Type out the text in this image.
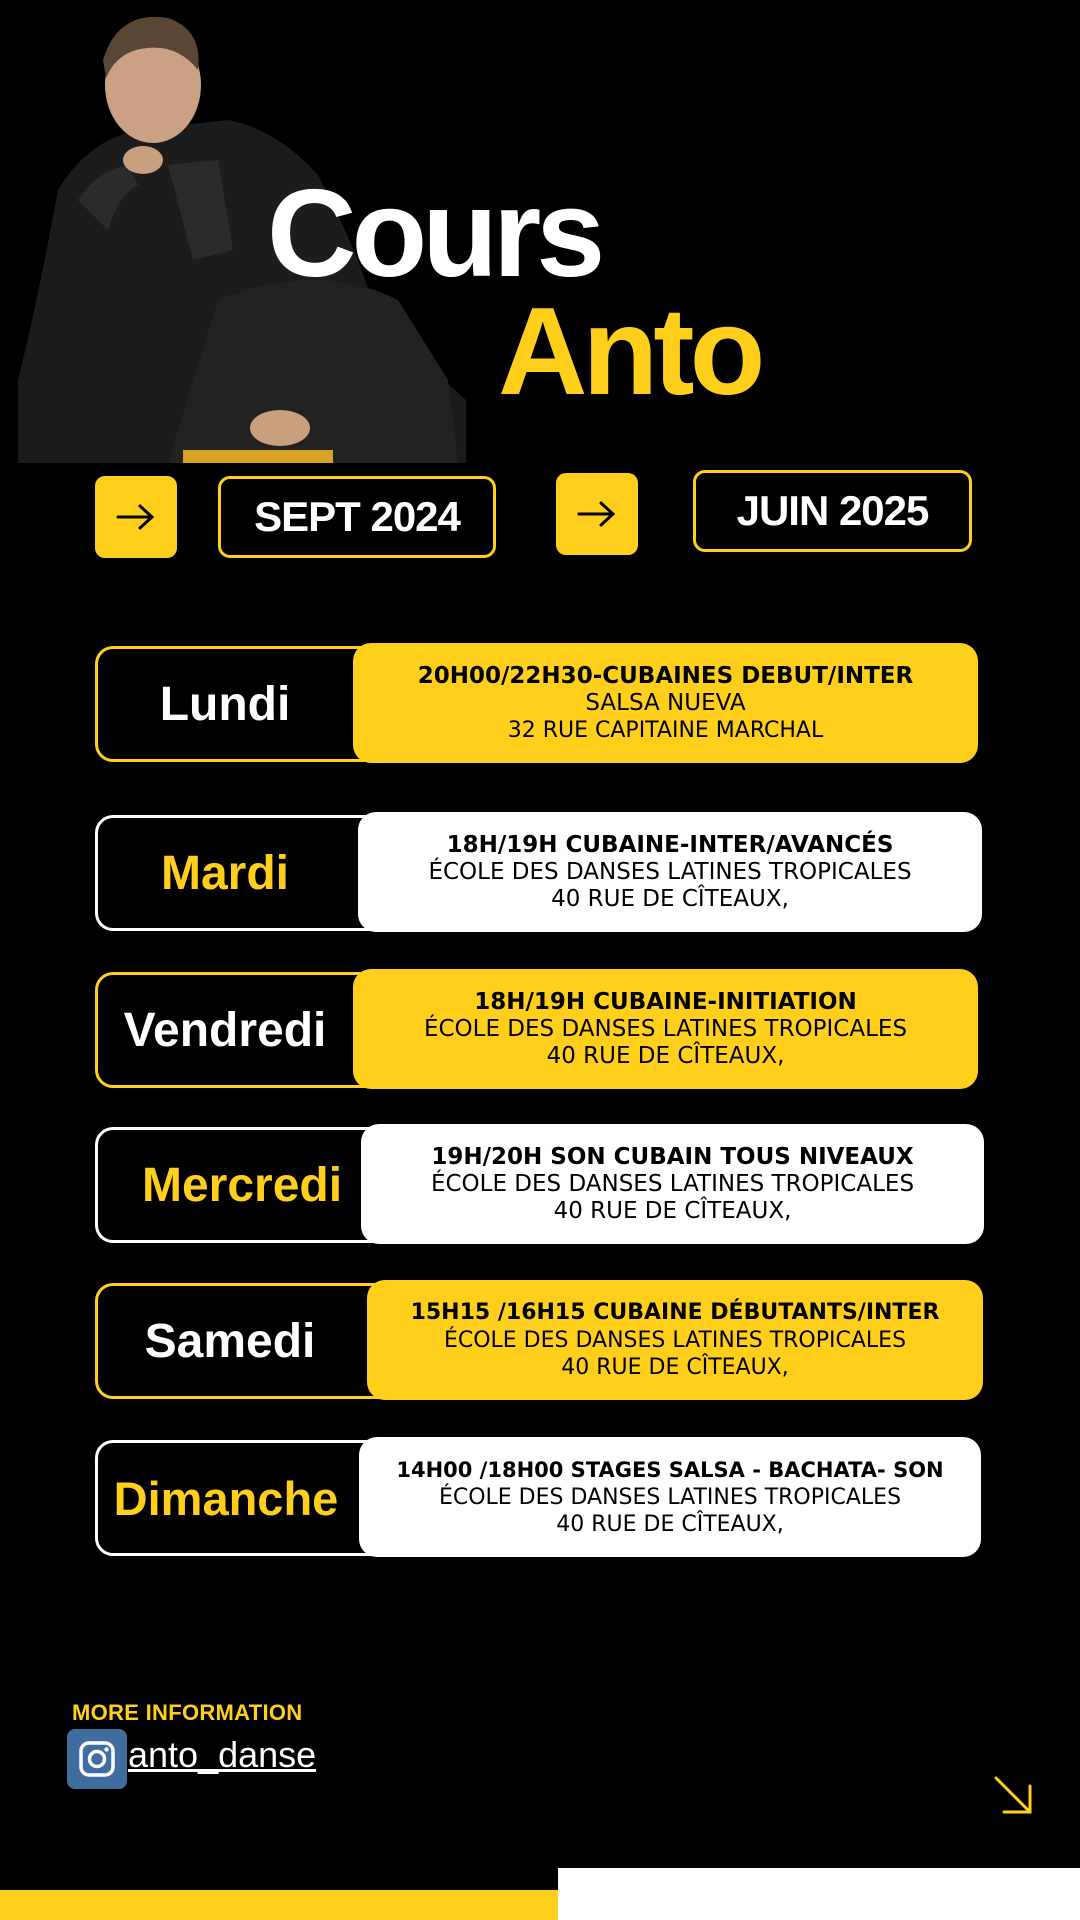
Cours
Anto
SEPT 2024	JUIN 2025
Lundi
20H00/22H30-CUBAINES DEBUT/INTER
SALSA NUEVA
32 RUE CAPITAINE MARCHAL
Mardi
18H/19H CUBAINE-INTER/AVANCÉS
ÉCOLE DES DANSES LATINES TROPICALES
40 RUE DE CÎTEAUX,
Vendredi
18H/19H CUBAINE-INITIATION
ÉCOLE DES DANSES LATINES TROPICALES
40 RUE DE CÎTEAUX,
Mercredi
19H/20H SON CUBAIN TOUS NIVEAUX
ÉCOLE DES DANSES LATINES TROPICALES
40 RUE DE CÎTEAUX,
Samedi
15H15 /16H15 CUBAINE DÉBUTANTS/INTER
ÉCOLE DES DANSES LATINES TROPICALES
40 RUE DE CÎTEAUX,
Dimanche
14H00 /18H00 STAGES SALSA - BACHATA- SON
ÉCOLE DES DANSES LATINES TROPICALES
40 RUE DE CÎTEAUX,
MORE INFORMATION
anto_danse
